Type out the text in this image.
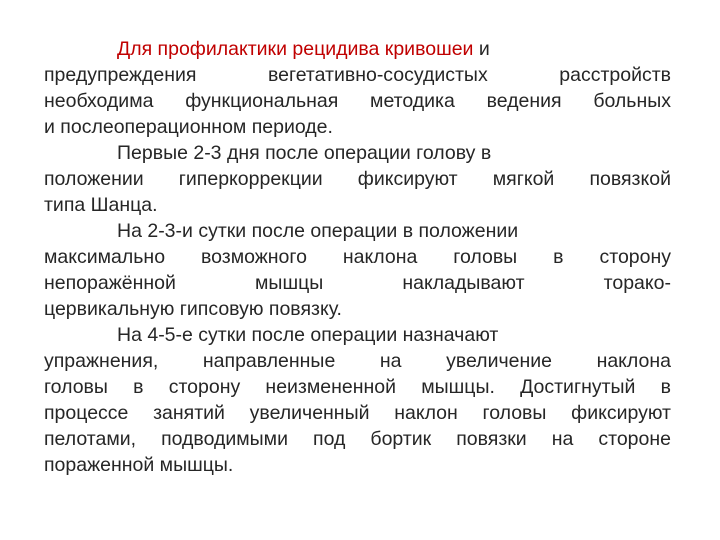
Для профилактики рецидива кривошеи и
предупреждения вегетативно-сосудистых расстройств
необходима функциональная методика ведения больных
и послеоперационном периоде.
Первые 2-3 дня после операции голову в
положении гиперкоррекции фиксируют мягкой повязкой
типа Шанца.
На 2-3-и сутки после операции в положении
максимально возможного наклона головы в сторону
непоражённой мышцы накладывают торако-
цервикальную гипсовую повязку.
На 4-5-е сутки после операции назначают
упражнения, направленные на увеличение наклона
головы в сторону неизмененной мышцы. Достигнутый в
процессе занятий увеличенный наклон головы фиксируют
пелотами, подводимыми под бортик повязки на стороне
пораженной мышцы.
